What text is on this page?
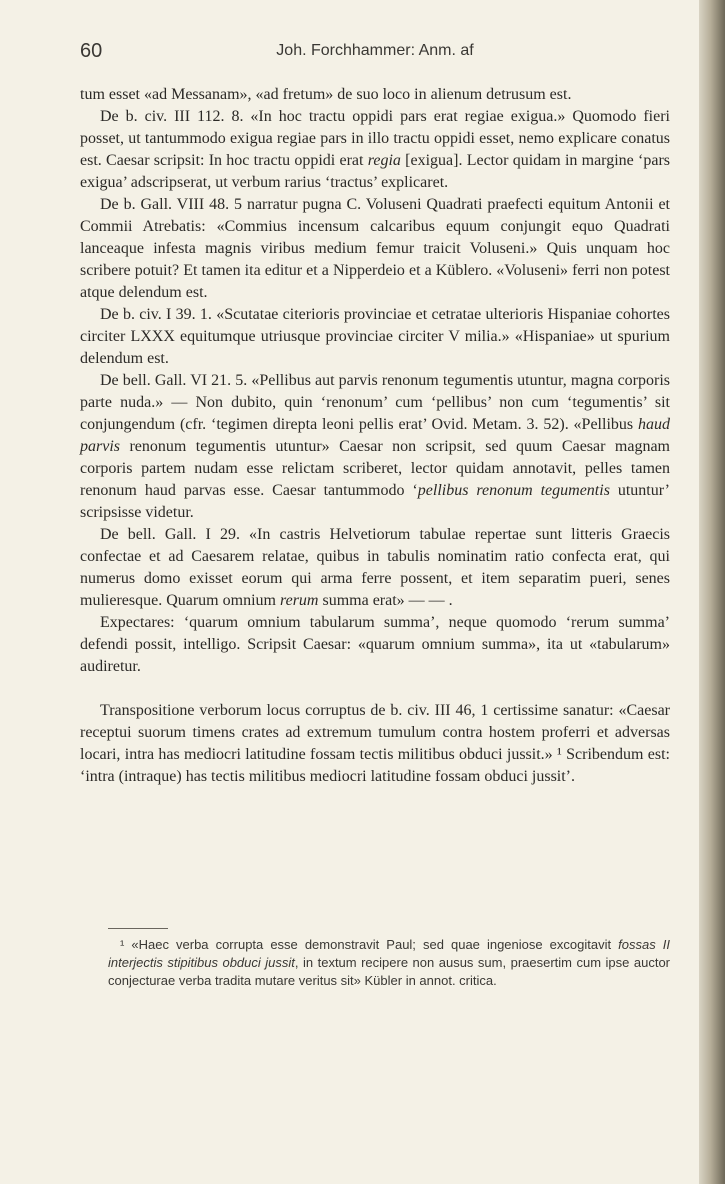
60	Joh. Forchhammer: Anm. af

tum esset «ad Messanam», «ad fretum» de suo loco in alienum detrusum est.

De b. civ. III 112. 8. «In hoc tractu oppidi pars erat regiae exigua.» Quomodo fieri posset, ut tantummodo exigua regiae pars in illo tractu oppidi esset, nemo explicare conatus est. Caesar scripsit: In hoc tractu oppidi erat regia [exigua]. Lector quidam in margine ‘pars exigua’ adscripserat, ut verbum rarius ‘tractus’ explicaret.

De b. Gall. VIII 48. 5 narratur pugna C. Voluseni Quadrati praefecti equitum Antonii et Commii Atrebatis: «Commius incensum calcaribus equum conjungit equo Quadrati lanceaque infesta magnis viribus medium femur traicit Voluseni.» Quis unquam hoc scribere potuit? Et tamen ita editur et a Nipperdeio et a Küblero. «Voluseni» ferri non potest atque delendum est.

De b. civ. I 39. 1. «Scutatae citerioris provinciae et cetratae ulterioris Hispaniae cohortes circiter LXXX equitumque utriusque provinciae circiter V milia.» «Hispaniae» ut spurium delendum est.

De bell. Gall. VI 21. 5. «Pellibus aut parvis renonum tegumentis utuntur, magna corporis parte nuda.» — Non dubito, quin ‘renonum’ cum ‘pellibus’ non cum ‘tegumentis’ sit conjungendum (cfr. ‘tegimen direpta leoni pellis erat’ Ovid. Metam. 3. 52). «Pellibus haud parvis renonum tegumentis utuntur» Caesar non scripsit, sed quum Caesar magnam corporis partem nudam esse relictam scriberet, lector quidam annotavit, pelles tamen renonum haud parvas esse. Caesar tantummodo ‘pellibus renonum tegumentis utuntur’ scripsisse videtur.

De bell. Gall. I 29. «In castris Helvetiorum tabulae repertae sunt litteris Graecis confectae et ad Caesarem relatae, quibus in tabulis nominatim ratio confecta erat, qui numerus domo exisset eorum qui arma ferre possent, et item separatim pueri, senes mulieresque. Quarum omnium rerum summa erat» — — .

Expectares: ‘quarum omnium tabularum summa’, neque quomodo ‘rerum summa’ defendi possit, intelligo. Scripsit Caesar: «quarum omnium summa», ita ut «tabularum» audiretur.

Transpositione verborum locus corruptus de b. civ. III 46, 1 certissime sanatur: «Caesar receptui suorum timens crates ad extremum tumulum contra hostem proferri et adversas locari, intra has mediocri latitudine fossam tectis militibus obduci jussit.» ¹ Scribendum est: ‘intra (intraque) has tectis militibus mediocri latitudine fossam obduci jussit’.

¹ «Haec verba corrupta esse demonstravit Paul; sed quae ingeniose excogitavit fossas II interjectis stipitibus obduci jussit, in textum recipere non ausus sum, praesertim cum ipse auctor conjecturae verba tradita mutare veritus sit» Kübler in annot. critica.
